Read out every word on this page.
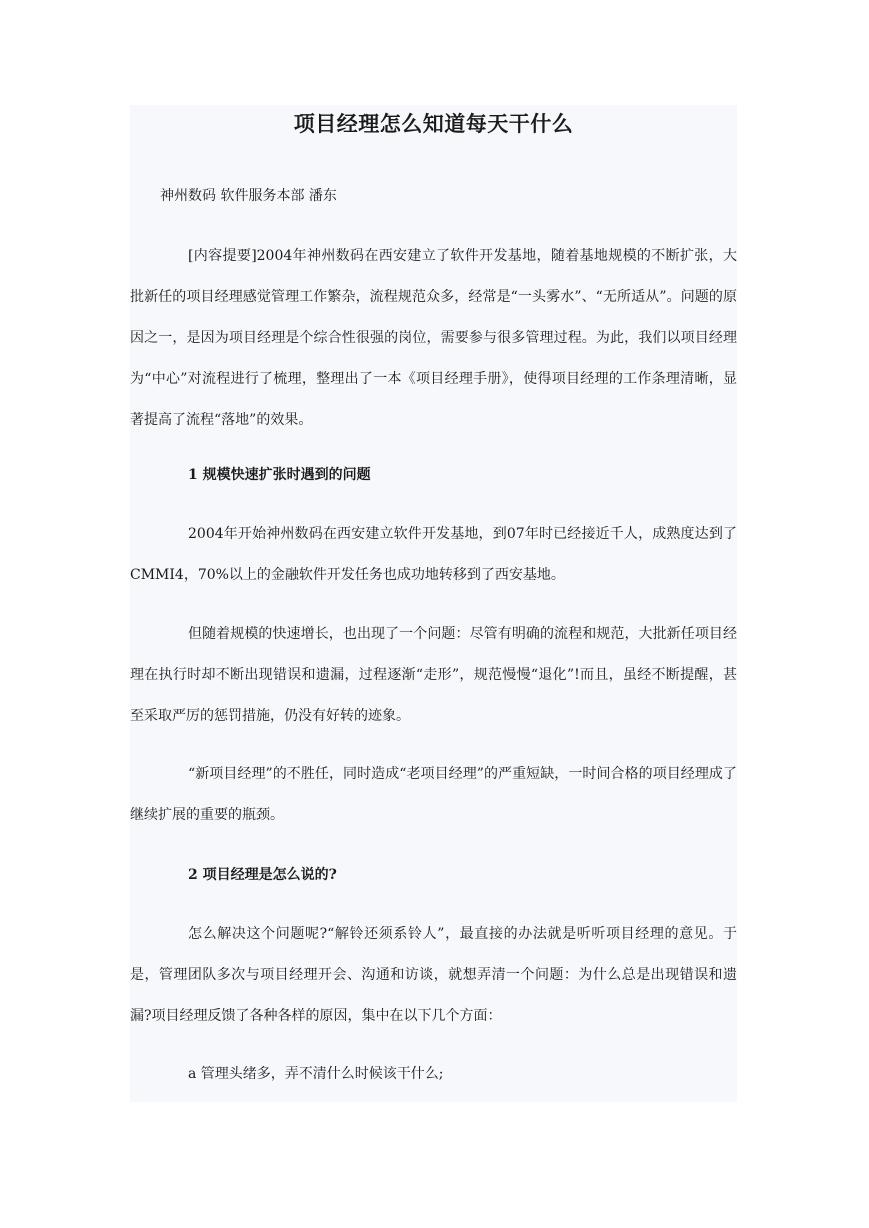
项目经理怎么知道每天干什么
神州数码 软件服务本部 潘东

[内容提要]2004年神州数码在西安建立了软件开发基地，随着基地规模的不断扩张，大批新任的项目经理感觉管理工作繁杂，流程规范众多，经常是“一头雾水”、“无所适从”。问题的原因之一，是因为项目经理是个综合性很强的岗位，需要参与很多管理过程。为此，我们以项目经理为“中心”对流程进行了梳理，整理出了一本《项目经理手册》，使得项目经理的工作条理清晰，显著提高了流程“落地”的效果。

1 规模快速扩张时遇到的问题

2004年开始神州数码在西安建立软件开发基地，到07年时已经接近千人，成熟度达到了CMMI4，70%以上的金融软件开发任务也成功地转移到了西安基地。

但随着规模的快速增长，也出现了一个问题：尽管有明确的流程和规范，大批新任项目经理在执行时却不断出现错误和遗漏，过程逐渐“走形”，规范慢慢“退化”!而且，虽经不断提醒，甚至采取严厉的惩罚措施，仍没有好转的迹象。

“新项目经理”的不胜任，同时造成“老项目经理”的严重短缺，一时间合格的项目经理成了继续扩展的重要的瓶颈。

2 项目经理是怎么说的?

怎么解决这个问题呢?“解铃还须系铃人”，最直接的办法就是听听项目经理的意见。于是，管理团队多次与项目经理开会、沟通和访谈，就想弄清一个问题：为什么总是出现错误和遗漏?项目经理反馈了各种各样的原因，集中在以下几个方面：

a 管理头绪多，弄不清什么时候该干什么;
